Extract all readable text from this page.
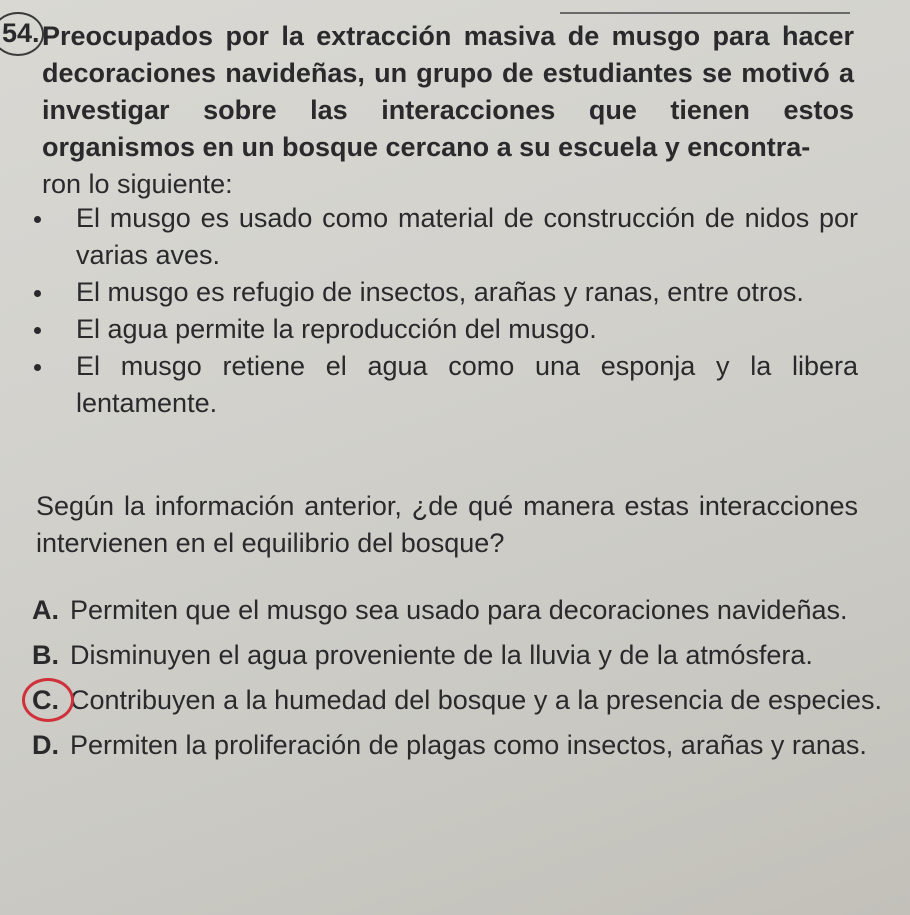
54. Preocupados por la extracción masiva de musgo para hacer decoraciones navideñas, un grupo de estudiantes se motivó a investigar sobre las interacciones que tienen estos organismos en un bosque cercano a su escuela y encontra-
ron lo siguiente:
El musgo es usado como material de construcción de nidos por varias aves.
El musgo es refugio de insectos, arañas y ranas, entre otros.
El agua permite la reproducción del musgo.
El musgo retiene el agua como una esponja y la libera lentamente.
Según la información anterior, ¿de qué manera estas interacciones intervienen en el equilibrio del bosque?
A. Permiten que el musgo sea usado para decoraciones navideñas.
B. Disminuyen el agua proveniente de la lluvia y de la atmósfera.
C. Contribuyen a la humedad del bosque y a la presencia de especies.
D. Permiten la proliferación de plagas como insectos, arañas y ranas.
